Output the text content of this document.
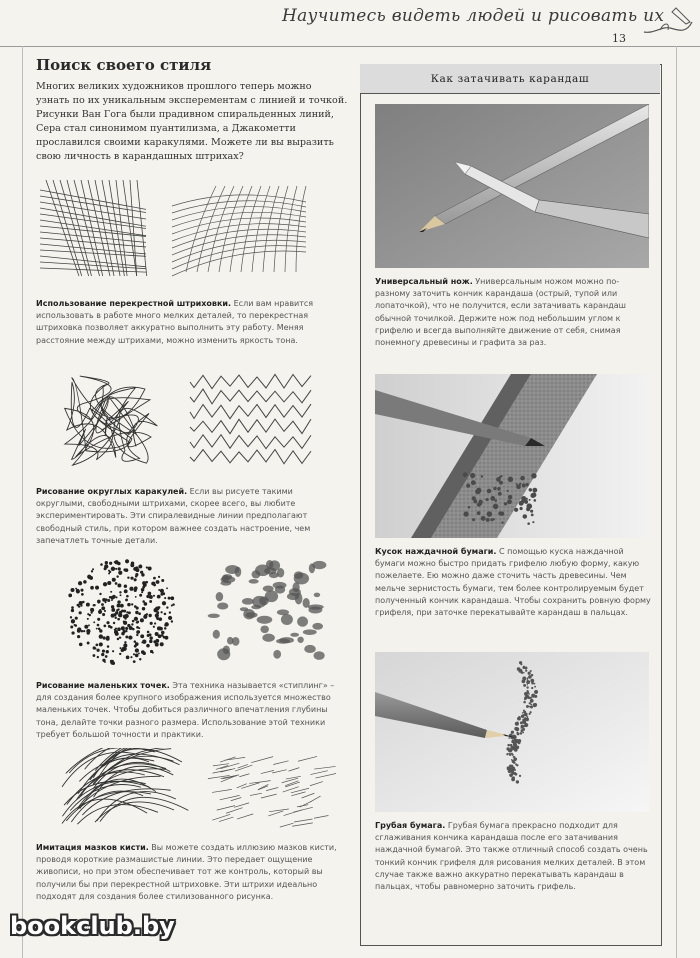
Научитесь видеть людей и рисовать их
13
Поиск своего стиля
Многих великих художников прошлого теперь можно узнать по их уникальным эксперементам с линией и точкой. Рисунки Ван Гога были прадивном спиральденных линий, Сера стал синонимом пуантилизма, а Джакометти прославился своими каракулями. Можете ли вы выразить свою личность в карандашных штрихах?
Использование перекрестной штриховки. Если вам нравится использовать в работе много мелких деталей, то перекрестная штриховка позволяет аккуратно выполнить эту работу. Меняя расстояние между штрихами, можно изменить яркость тона.
Рисование округлых каракулей. Если вы рисуете такими округлыми, свободными штрихами, скорее всего, вы любите экспериментировать. Эти спиралевидные линии предполагают свободный стиль, при котором важнее создать настроение, чем запечатлеть точные детали.
Рисование маленьких точек. Эта техника называется «стиплинг» – для создания более крупного изображения используется множество маленьких точек. Чтобы добиться различного впечатления глубины тона, делайте точки разного размера. Использование этой техники требует большой точности и практики.
Имитация мазков кисти. Вы можете создать иллюзию мазков кисти, проводя короткие размашистые линии. Это передает ощущение живописи, но при этом обеспечивает тот же контроль, который вы получили бы при перекрестной штриховке. Эти штрихи идеально подходят для создания более стилизованного рисунка.
Как затачивать карандаш
Универсальный нож. Универсальным ножом можно по-разному заточить кончик карандаша (острый, тупой или лопаточкой), что не получится, если затачивать карандаш обычной точилкой. Держите нож под небольшим углом к грифелю и всегда выполняйте движение от себя, снимая понемногу древесины и графита за раз.
Кусок наждачной бумаги. С помощью куска наждачной бумаги можно быстро придать грифелю любую форму, какую пожелаете. Ею можно даже сточить часть древесины. Чем мельче зернистость бумаги, тем более контролируемым будет полученный кончик карандаша. Чтобы сохранить ровную форму грифеля, при заточке перекатывайте карандаш в пальцах.
Грубая бумага. Грубая бумага прекрасно подходит для сглаживания кончика карандаша после его затачивания наждачной бумагой. Это также отличный способ создать очень тонкий кончик грифеля для рисования мелких деталей. В этом случае также важно аккуратно перекатывать карандаш в пальцах, чтобы равномерно заточить грифель.
bookclub.by
